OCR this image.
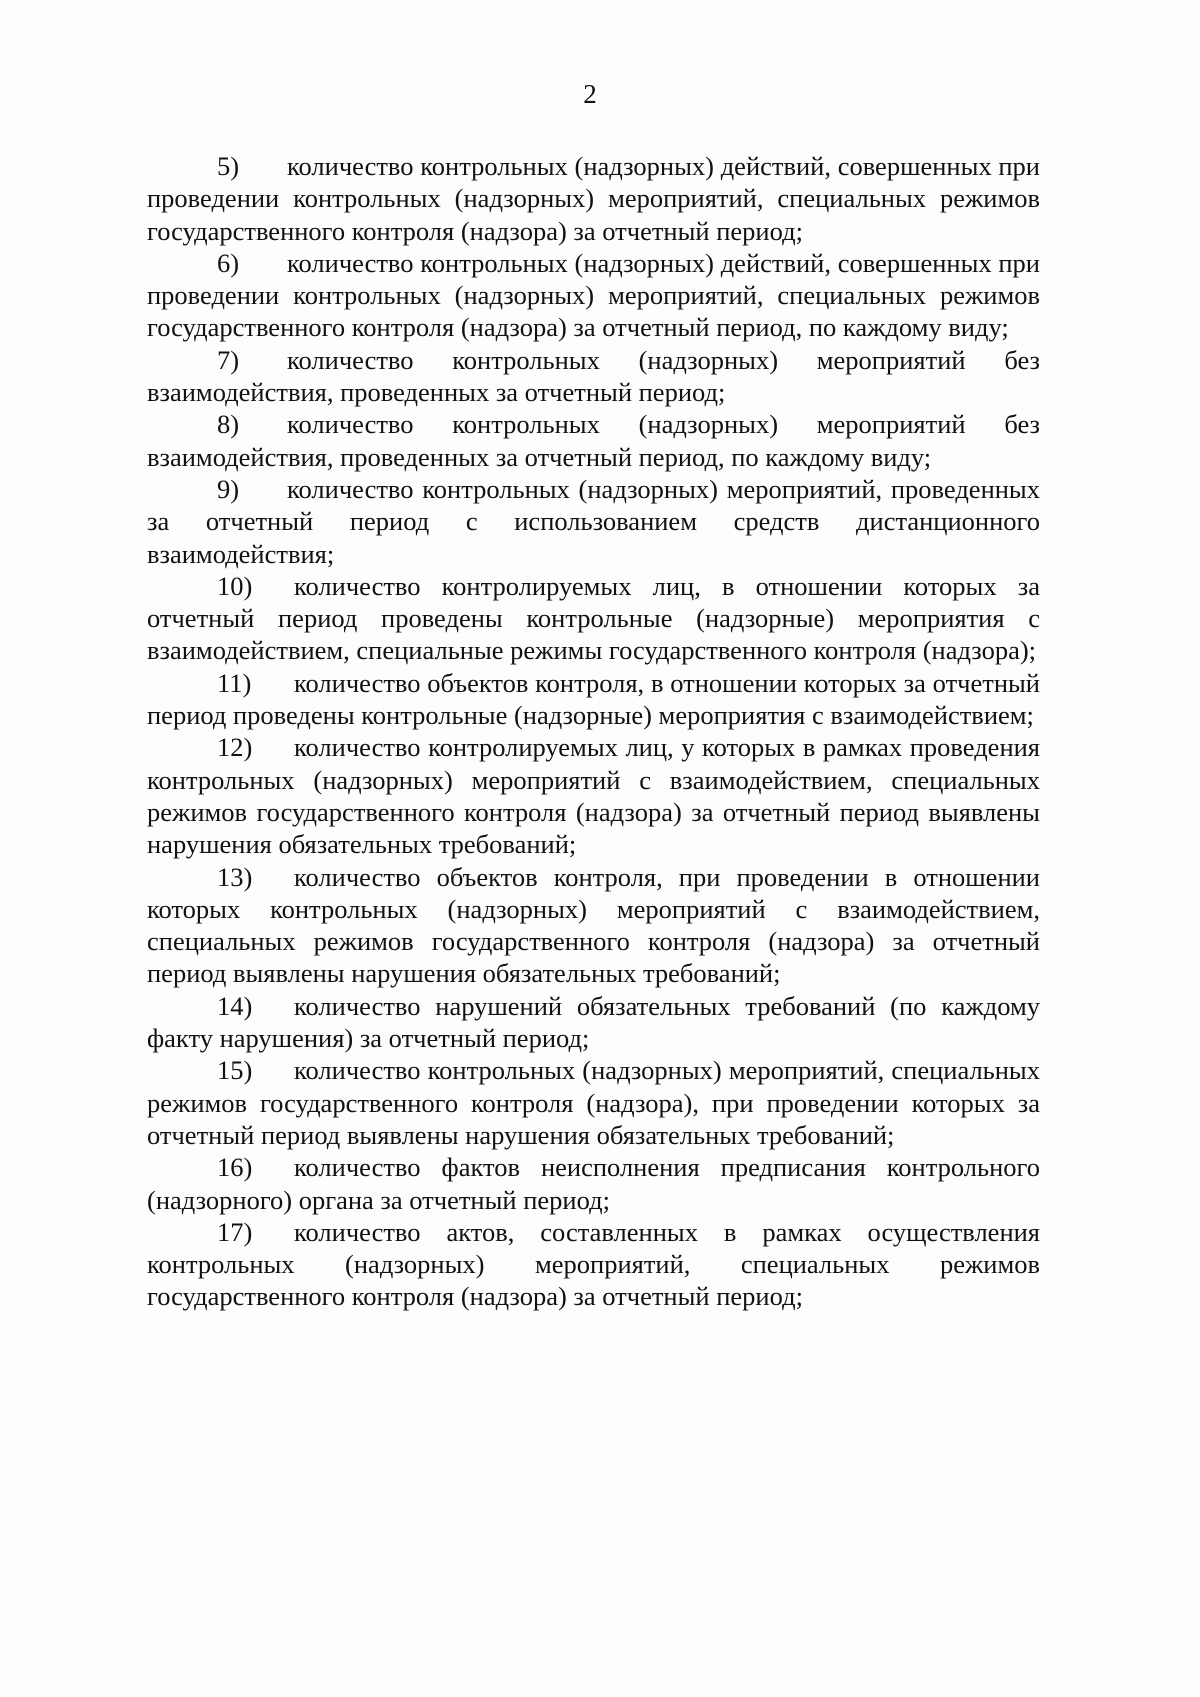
2

5) количество контрольных (надзорных) действий, совершенных при проведении контрольных (надзорных) мероприятий, специальных режимов государственного контроля (надзора) за отчетный период;

6) количество контрольных (надзорных) действий, совершенных при проведении контрольных (надзорных) мероприятий, специальных режимов государственного контроля (надзора) за отчетный период, по каждому виду;

7) количество контрольных (надзорных) мероприятий без взаимодействия, проведенных за отчетный период;

8) количество контрольных (надзорных) мероприятий без взаимодействия, проведенных за отчетный период, по каждому виду;

9) количество контрольных (надзорных) мероприятий, проведенных за отчетный период с использованием средств дистанционного взаимодействия;

10) количество контролируемых лиц, в отношении которых за отчетный период проведены контрольные (надзорные) мероприятия с взаимодействием, специальные режимы государственного контроля (надзора);

11) количество объектов контроля, в отношении которых за отчетный период проведены контрольные (надзорные) мероприятия с взаимодействием;

12) количество контролируемых лиц, у которых в рамках проведения контрольных (надзорных) мероприятий с взаимодействием, специальных режимов государственного контроля (надзора) за отчетный период выявлены нарушения обязательных требований;

13) количество объектов контроля, при проведении в отношении которых контрольных (надзорных) мероприятий с взаимодействием, специальных режимов государственного контроля (надзора) за отчетный период выявлены нарушения обязательных требований;

14) количество нарушений обязательных требований (по каждому факту нарушения) за отчетный период;

15) количество контрольных (надзорных) мероприятий, специальных режимов государственного контроля (надзора), при проведении которых за отчетный период выявлены нарушения обязательных требований;

16) количество фактов неисполнения предписания контрольного (надзорного) органа за отчетный период;

17) количество актов, составленных в рамках осуществления контрольных (надзорных) мероприятий, специальных режимов государственного контроля (надзора) за отчетный период;
